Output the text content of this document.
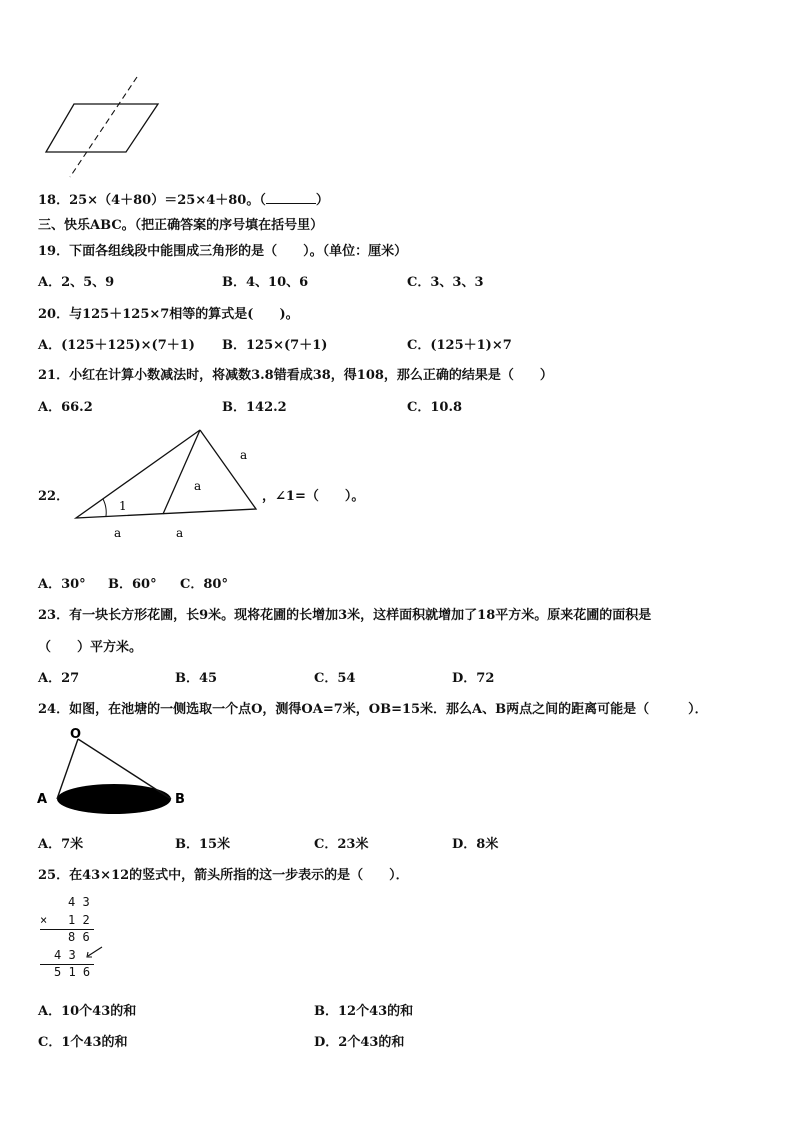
18．25×（4＋80）＝25×4＋80。（	）
三、快乐ABC。（把正确答案的序号填在括号里）
19．下面各组线段中能围成三角形的是（　　）。（单位：厘米）
A．2、5、9	B．4、10、6	C．3、3、3
20．与125＋125×7相等的算式是(　　)。
A．(125＋125)×(7＋1) B．125×(7＋1)	C．(125＋1)×7
21．小红在计算小数减法时，将减数3.8错看成38，得108，那么正确的结果是（　　）
A．66.2	B．142.2	C．10.8
22．
1
a
a
a	a
，∠1=（　　）。
A．30° B．60° C．80°
23．有一块长方形花圃，长9米。现将花圃的长增加3米，这样面积就增加了18平方米。原来花圃的面积是
（　　）平方米。
A．27	B．45	C．54	D．72
24．如图，在池塘的一侧选取一个点O，测得OA=7米，OB=15米．那么A、B两点之间的距离可能是（　　　）．
O
A	B
A．7米	B．15米	C．23米	D．8米
25．在43×12的竖式中，箭头所指的这一步表示的是（　　）．
4 3
× 1 2
8 6
4 3
5 1 6
A．10个43的和	B．12个43的和
C．1个43的和	D．2个43的和
